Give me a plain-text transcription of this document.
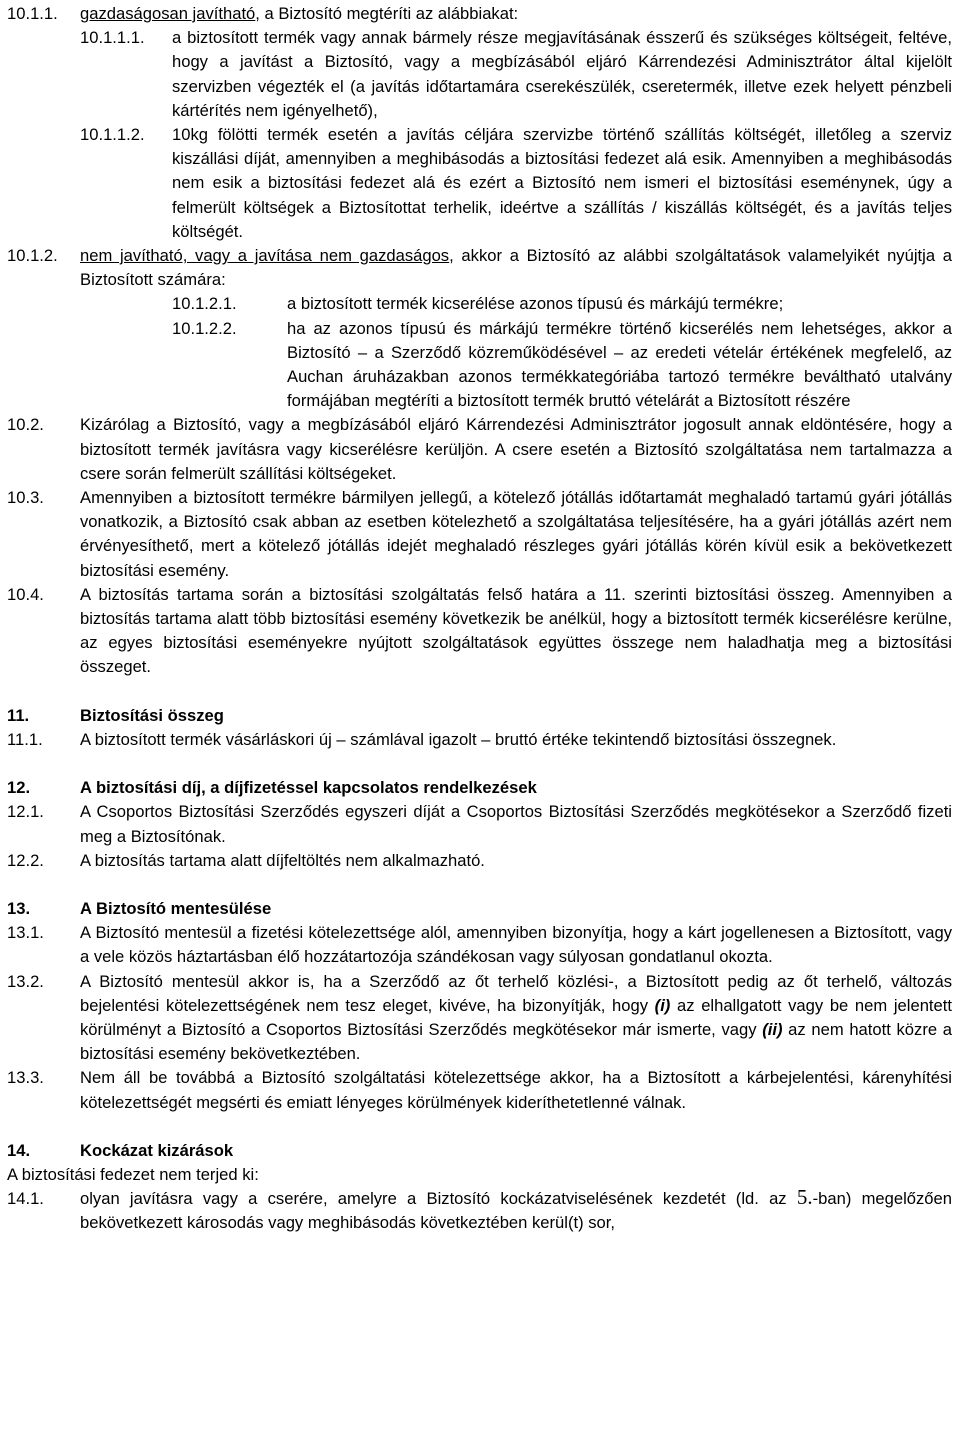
10.1.1.	gazdaságosan javítható, a Biztosító megtéríti az alábbiakat:
10.1.1.1.	a biztosított termék vagy annak bármely része megjavításának ésszerű és szükséges költségeit, feltéve, hogy a javítást a Biztosító, vagy a megbízásából eljáró Kárrendezési Adminisztrátor által kijelölt szervizben végezték el (a javítás időtartamára cserekészülék, cseretermék, illetve ezek helyett pénzbeli kártérítés nem igényelhető),
10.1.1.2.	10kg fölötti termék esetén a javítás céljára szervizbe történő szállítás költségét, illetőleg a szerviz kiszállási díját, amennyiben a meghibásodás a biztosítási fedezet alá esik. Amennyiben a meghibásodás nem esik a biztosítási fedezet alá és ezért a Biztosító nem ismeri el biztosítási eseménynek, úgy a felmerült költségek a Biztosítottat terhelik, ideértve a szállítás / kiszállás költségét, és a javítás teljes költségét.
10.1.2.	nem javítható, vagy a javítása nem gazdaságos, akkor a Biztosító az alábbi szolgáltatások valamelyikét nyújtja a Biztosított számára:
10.1.2.1.	a biztosított termék kicserélése azonos típusú és márkájú termékre;
10.1.2.2.	ha az azonos típusú és márkájú termékre történő kicserélés nem lehetséges, akkor a Biztosító – a Szerződő közreműködésével – az eredeti vételár értékének megfelelő, az Auchan áruházakban azonos termékkategóriába tartozó termékre beváltható utalvány formájában megtéríti a biztosított termék bruttó vételárát a Biztosított részére
10.2.	Kizárólag a Biztosító, vagy a megbízásából eljáró Kárrendezési Adminisztrátor jogosult annak eldöntésére, hogy a biztosított termék javításra vagy kicserélésre kerüljön. A csere esetén a Biztosító szolgáltatása nem tartalmazza a csere során felmerült szállítási költségeket.
10.3.	Amennyiben a biztosított termékre bármilyen jellegű, a kötelező jótállás időtartamát meghaladó tartamú gyári jótállás vonatkozik, a Biztosító csak abban az esetben kötelezhető a szolgáltatása teljesítésére, ha a gyári jótállás azért nem érvényesíthető, mert a kötelező jótállás idejét meghaladó részleges gyári jótállás körén kívül esik a bekövetkezett biztosítási esemény.
10.4.	A biztosítás tartama során a biztosítási szolgáltatás felső határa a 11. szerinti biztosítási összeg. Amennyiben a biztosítás tartama alatt több biztosítási esemény következik be anélkül, hogy a biztosított termék kicserélésre kerülne, az egyes biztosítási eseményekre nyújtott szolgáltatások együttes összege nem haladhatja meg a biztosítási összeget.
11.	Biztosítási összeg
11.1.	A biztosított termék vásárláskori új – számlával igazolt – bruttó értéke tekintendő biztosítási összegnek.
12.	A biztosítási díj, a díjfizetéssel kapcsolatos rendelkezések
12.1.	A Csoportos Biztosítási Szerződés egyszeri díját a Csoportos Biztosítási Szerződés megkötésekor a Szerződő fizeti meg a Biztosítónak.
12.2.	A biztosítás tartama alatt díjfeltöltés nem alkalmazható.
13.	A Biztosító mentesülése
13.1.	A Biztosító mentesül a fizetési kötelezettsége alól, amennyiben bizonyítja, hogy a kárt jogellenesen a Biztosított, vagy a vele közös háztartásban élő hozzátartozója szándékosan vagy súlyosan gondatlanul okozta.
13.2.	A Biztosító mentesül akkor is, ha a Szerződő az őt terhelő közlési-, a Biztosított pedig az őt terhelő, változás bejelentési kötelezettségének nem tesz eleget, kivéve, ha bizonyítják, hogy (i) az elhallgatott vagy be nem jelentett körülményt a Biztosító a Csoportos Biztosítási Szerződés megkötésekor már ismerte, vagy (ii) az nem hatott közre a biztosítási esemény bekövetkeztében.
13.3.	Nem áll be továbbá a Biztosító szolgáltatási kötelezettsége akkor, ha a Biztosított a kárbejelentési, kárenyhítési kötelezettségét megsérti és emiatt lényeges körülmények kideríthetetlenné válnak.
14.	Kockázat kizárások
A biztosítási fedezet nem terjed ki:
14.1.	olyan javításra vagy a cserére, amelyre a Biztosító kockázatviselésének kezdetét (ld. az 5.-ban) megelőzően bekövetkezett károsodás vagy meghibásodás következtében kerül(t) sor,
